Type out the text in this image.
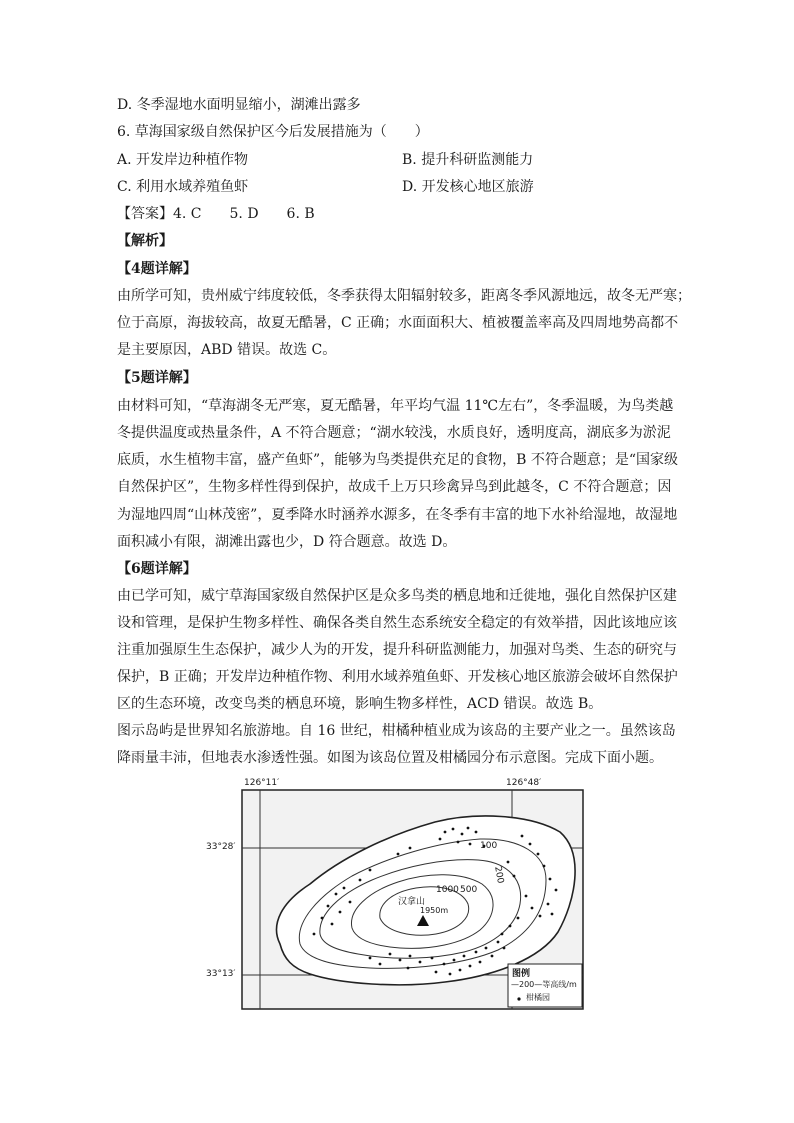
D. 冬季湿地水面明显缩小，湖滩出露多
6. 草海国家级自然保护区今后发展措施为（　　）
A. 开发岸边种植作物	B. 提升科研监测能力
C. 利用水域养殖鱼虾	D. 开发核心地区旅游
【答案】4. C　　5. D　　6. B
【解析】
【4题详解】
由所学可知，贵州威宁纬度较低，冬季获得太阳辐射较多，距离冬季风源地远，故冬无严寒；
位于高原，海拔较高，故夏无酷暑，C 正确；水面面积大、植被覆盖率高及四周地势高都不
是主要原因，ABD 错误。故选 C。
【5题详解】
由材料可知，“草海湖冬无严寒，夏无酷暑，年平均气温 11℃左右”，冬季温暖，为鸟类越
冬提供温度或热量条件，A 不符合题意；“湖水较浅，水质良好，透明度高，湖底多为淤泥
底质，水生植物丰富，盛产鱼虾”，能够为鸟类提供充足的食物，B 不符合题意；是“国家级
自然保护区”，生物多样性得到保护，故成千上万只珍禽异鸟到此越冬，C 不符合题意；因
为湿地四周“山林茂密”，夏季降水时涵养水源多，在冬季有丰富的地下水补给湿地，故湿地
面积减小有限，湖滩出露也少，D 符合题意。故选 D。
【6题详解】
由已学可知，威宁草海国家级自然保护区是众多鸟类的栖息地和迁徙地，强化自然保护区建
设和管理，是保护生物多样性、确保各类自然生态系统安全稳定的有效举措，因此该地应该
注重加强原生生态保护，减少人为的开发，提升科研监测能力，加强对鸟类、生态的研究与
保护，B 正确；开发岸边种植作物、利用水域养殖鱼虾、开发核心地区旅游会破坏自然保护
区的生态环境，改变鸟类的栖息环境，影响生物多样性，ACD 错误。故选 B。
图示岛屿是世界知名旅游地。自 16 世纪，柑橘种植业成为该岛的主要产业之一。虽然该岛
降雨量丰沛，但地表水渗透性强。如图为该岛位置及柑橘园分布示意图。完成下面小题。
126°11′	126°48′
33°28′
33°13′
100
200
500
1000
汉拿山
1950m
图例
—200—等高线/m
柑橘园
